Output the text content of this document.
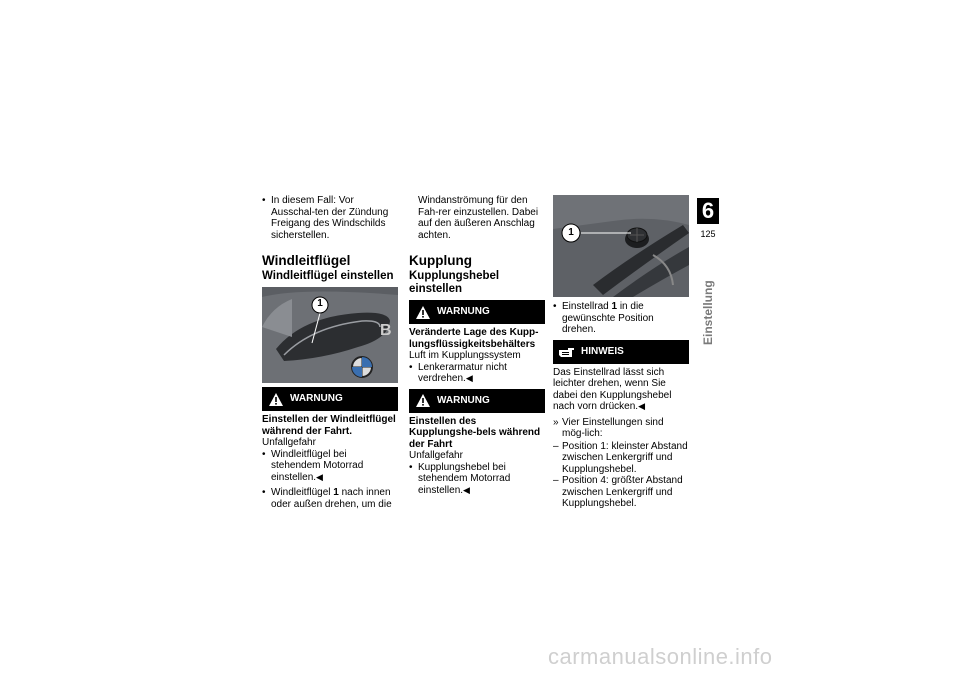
• In diesem Fall: Vor Ausschal-ten der Zündung Freigang des Windschilds sicherstellen.

Windleitflügel
Windleitflügel einstellen
B
1
WARNUNG

Einstellen der Windleitflügel während der Fahrt.

Unfallgefahr

• Windleitflügel bei stehendem Motorrad einstellen.◀

• Windleitflügel 1 nach innen oder außen drehen, um die

Windanströmung für den Fah-rer einzustellen. Dabei auf den äußeren Anschlag achten.

Kupplung
Kupplungshebel einstellen
WARNUNG

Veränderte Lage des Kupp-lungsflüssigkeitsbehälters

Luft im Kupplungssystem

• Lenkerarmatur nicht verdrehen.◀

WARNUNG

Einstellen des Kupplungshe-bels während der Fahrt

Unfallgefahr

• Kupplungshebel bei stehendem Motorrad einstellen.◀

1

• Einstellrad 1 in die gewünschte Position drehen.

HINWEIS

Das Einstellrad lässt sich leichter drehen, wenn Sie dabei den Kupplungshebel nach vorn drücken.◀

» Vier Einstellungen sind mög-lich:

– Position 1: kleinster Abstand zwischen Lenkergriff und Kupplungshebel.

– Position 4: größter Abstand zwischen Lenkergriff und Kupplungshebel.

6
125
Einstellung
carmanualsonline.info
